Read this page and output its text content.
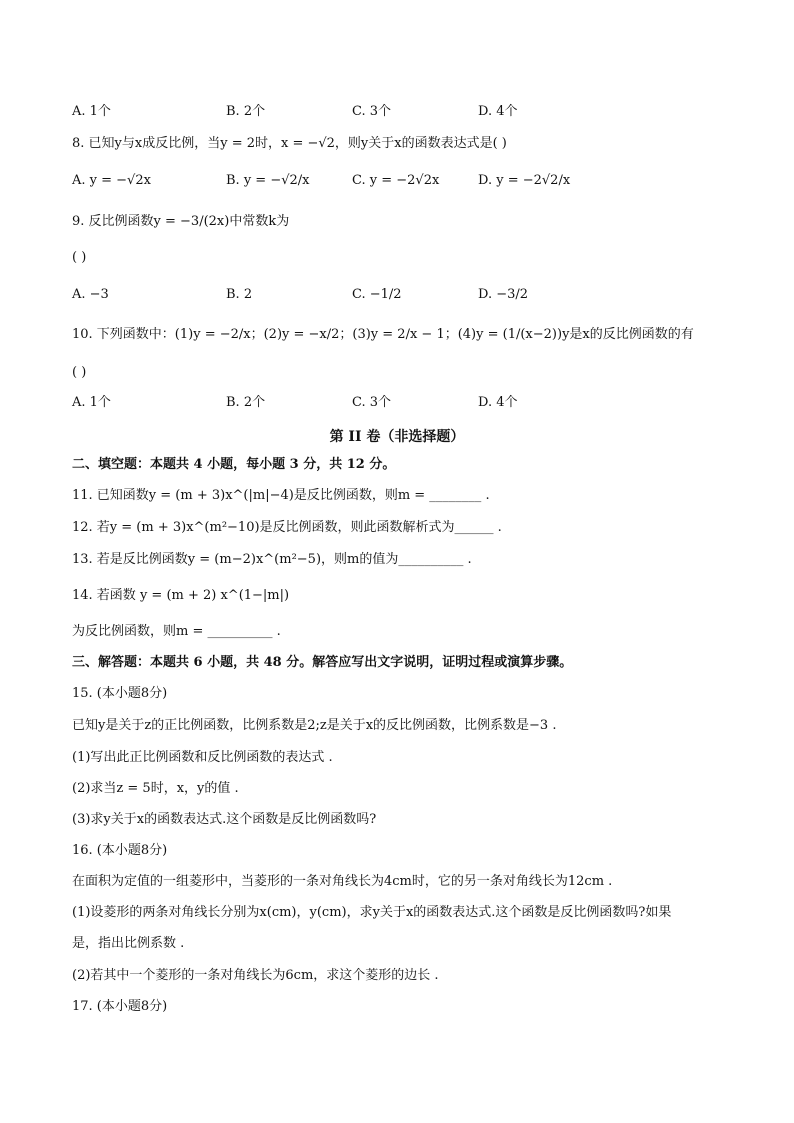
A. 1个	B. 2个	C. 3个	D. 4个
8. 已知y与x成反比例，当y = 2时，x = −√2，则y关于x的函数表达式是( )
A. y = −√2x	B. y = −√2/x	C. y = −2√2x	D. y = −2√2/x
9. 反比例函数y = −3/(2x)中常数k为
( )
A. −3	B. 2	C. −1/2	D. −3/2
10. 下列函数中：(1)y = −2/x；(2)y = −x/2；(3)y = 2/x − 1；(4)y = (1/(x−2))y是x的反比例函数的有
( )
A. 1个	B. 2个	C. 3个	D. 4个
第 II 卷（非选择题）
二、填空题：本题共 4 小题，每小题 3 分，共 12 分。
11. 已知函数y = (m + 3)x^(|m|−4)是反比例函数，则m = ________ .
12. 若y = (m + 3)x^(m²−10)是反比例函数，则此函数解析式为______ .
13. 若是反比例函数y = (m−2)x^(m²−5)，则m的值为__________ .
14. 若函数 y = (m + 2) x^(1−|m|)
为反比例函数，则m = __________ .
三、解答题：本题共 6 小题，共 48 分。解答应写出文字说明，证明过程或演算步骤。
15. (本小题8分)
已知y是关于z的正比例函数，比例系数是2;z是关于x的反比例函数，比例系数是−3 .
(1)写出此正比例函数和反比例函数的表达式 .
(2)求当z = 5时，x，y的值 .
(3)求y关于x的函数表达式.这个函数是反比例函数吗?
16. (本小题8分)
在面积为定值的一组菱形中，当菱形的一条对角线长为4cm时，它的另一条对角线长为12cm .
(1)设菱形的两条对角线长分别为x(cm)，y(cm)，求y关于x的函数表达式.这个函数是反比例函数吗?如果
是，指出比例系数 .
(2)若其中一个菱形的一条对角线长为6cm，求这个菱形的边长 .
17. (本小题8分)
